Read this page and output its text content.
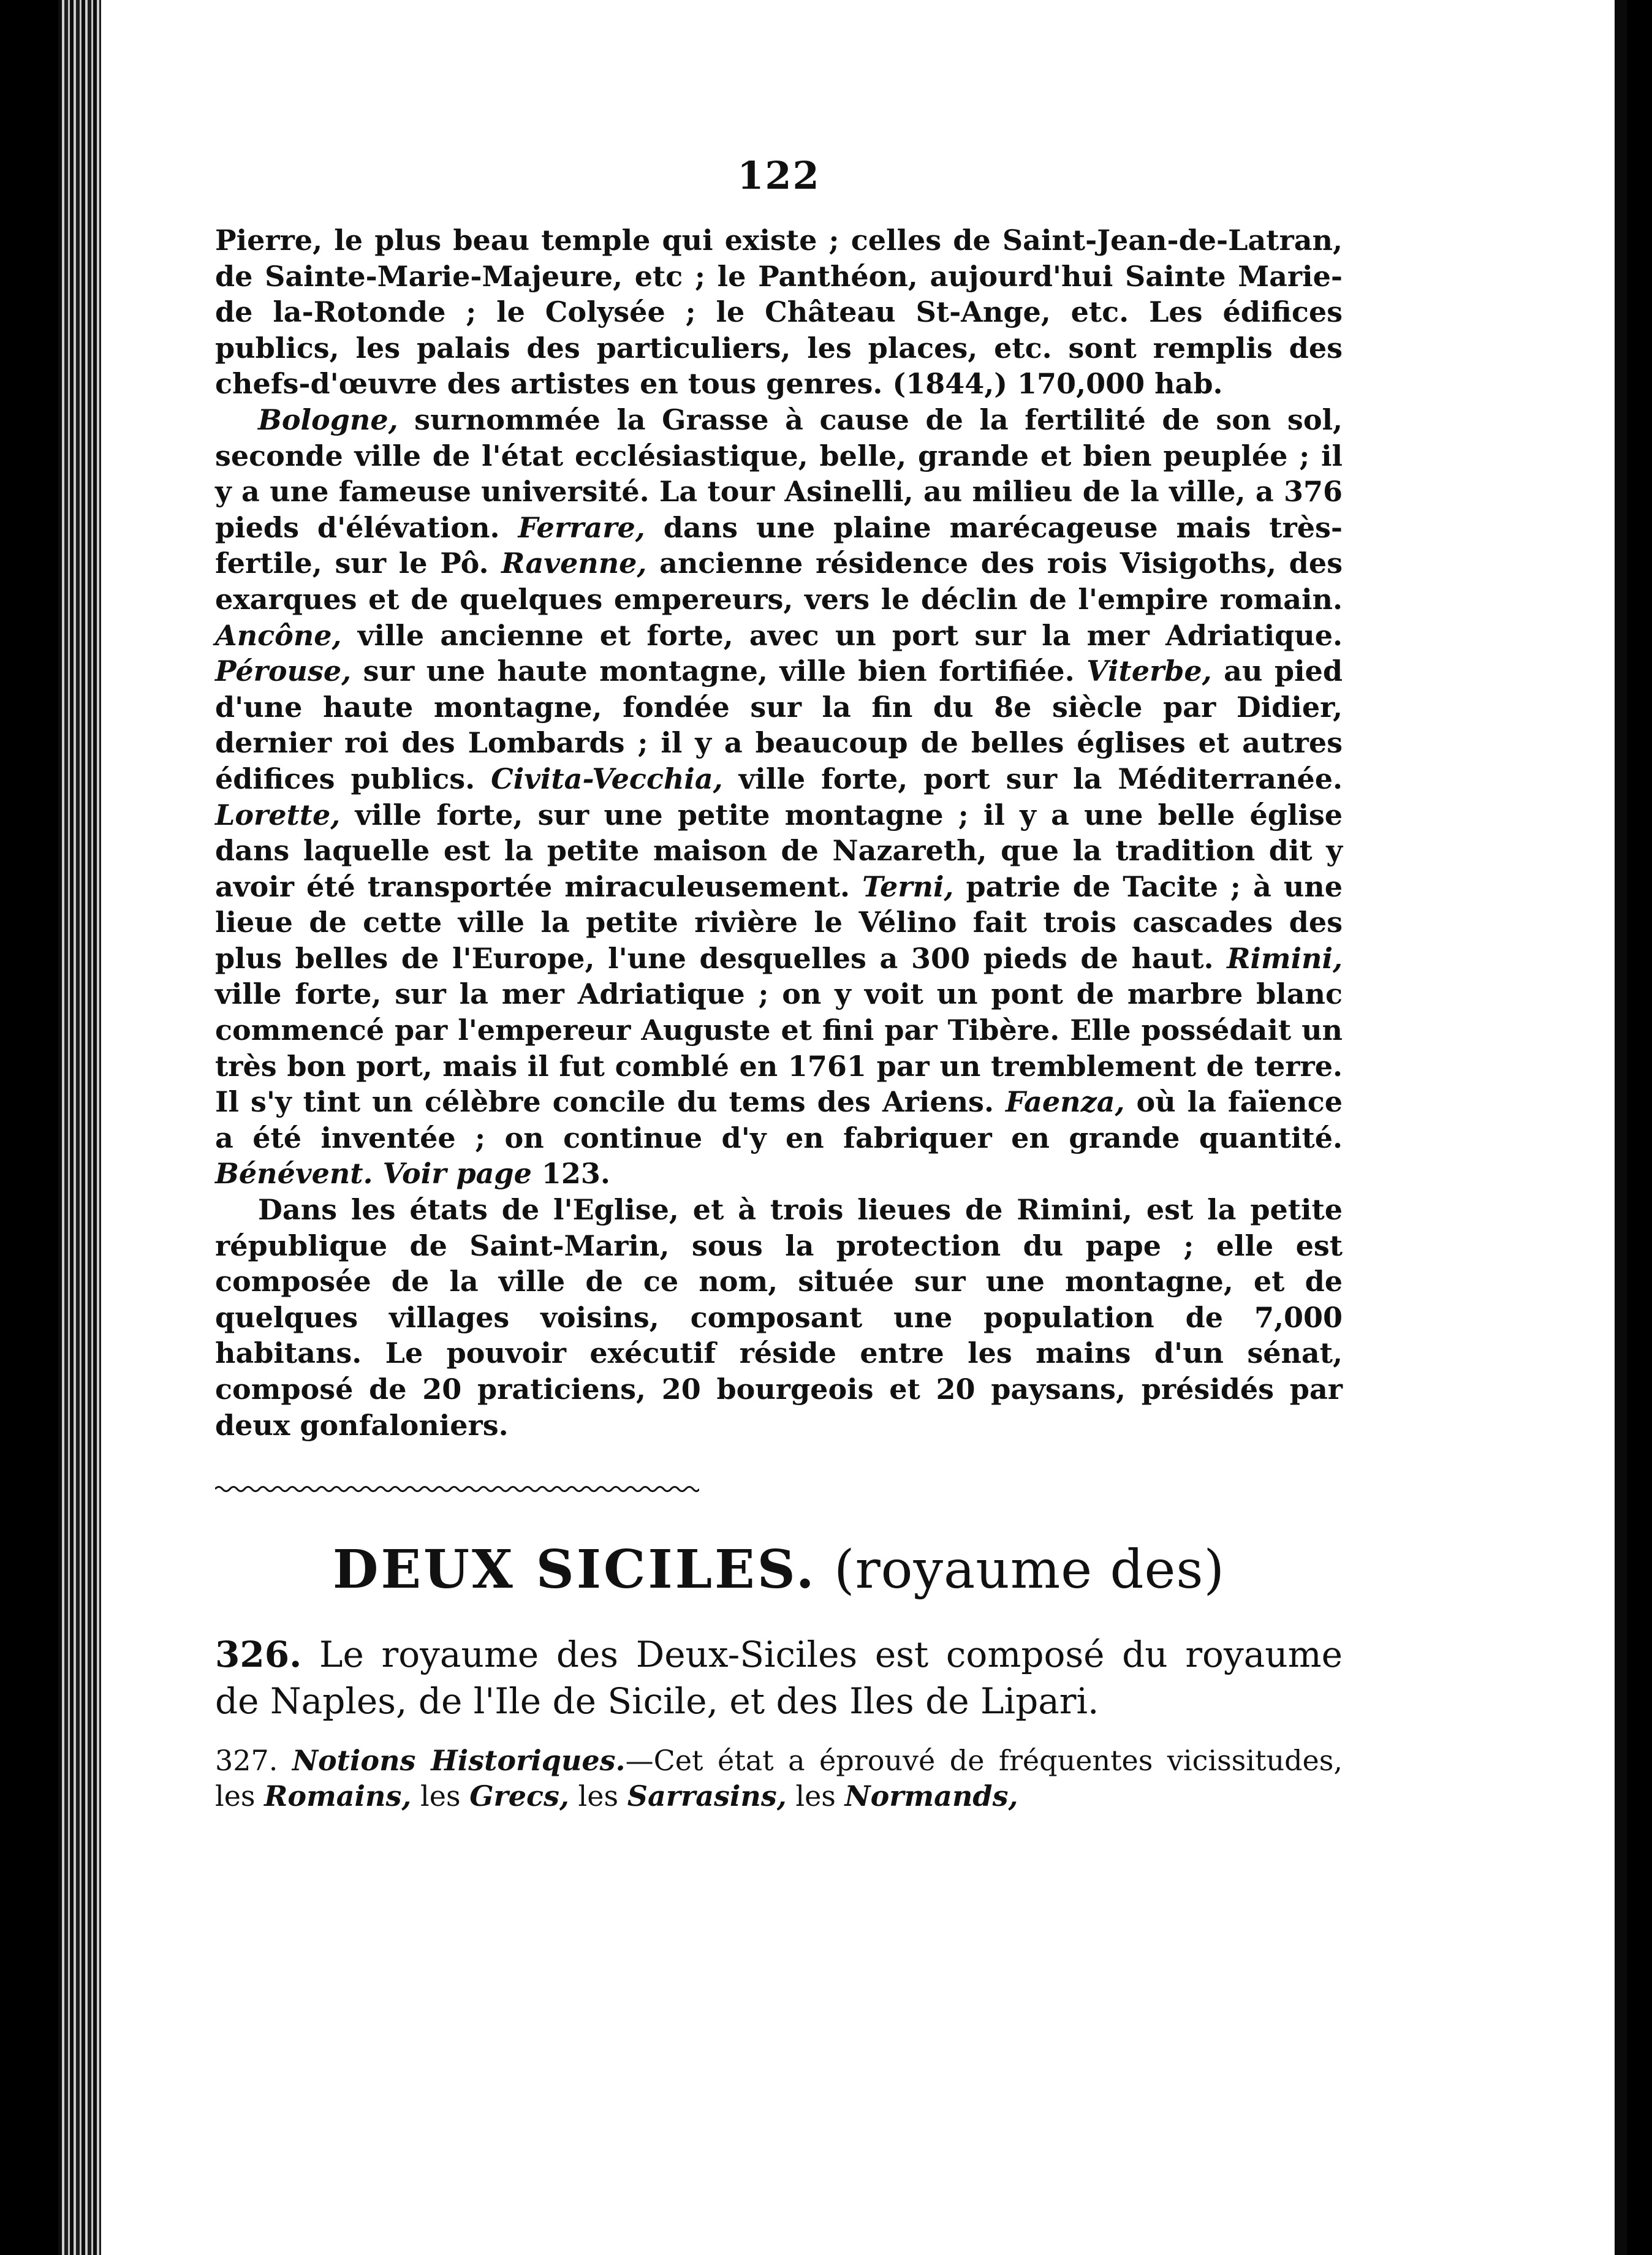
122

Pierre, le plus beau temple qui existe ; celles de Saint-Jean-de-Latran, de Sainte-Marie-Majeure, etc ; le Panthéon, aujourd'hui Sainte Marie-de la-Rotonde ; le Colysée ; le Château St-Ange, etc. Les édifices publics, les palais des particuliers, les places, etc. sont remplis des chefs-d'œuvre des artistes en tous genres. (1844,) 170,000 hab.

Bologne, surnommée la Grasse à cause de la fertilité de son sol, seconde ville de l'état ecclésiastique, belle, grande et bien peuplée ; il y a une fameuse université. La tour Asinelli, au milieu de la ville, a 376 pieds d'élévation. Ferrare, dans une plaine marécageuse mais très-fertile, sur le Pô. Ravenne, ancienne résidence des rois Visigoths, des exarques et de quelques empereurs, vers le déclin de l'empire romain. Ancône, ville ancienne et forte, avec un port sur la mer Adriatique. Pérouse, sur une haute montagne, ville bien fortifiée. Viterbe, au pied d'une haute montagne, fondée sur la fin du 8e siècle par Didier, dernier roi des Lombards ; il y a beaucoup de belles églises et autres édifices publics. Civita-Vecchia, ville forte, port sur la Méditerranée. Lorette, ville forte, sur une petite montagne ; il y a une belle église dans laquelle est la petite maison de Nazareth, que la tradition dit y avoir été transportée miraculeusement. Terni, patrie de Tacite ; à une lieue de cette ville la petite rivière le Vélino fait trois cascades des plus belles de l'Europe, l'une desquelles a 300 pieds de haut. Rimini, ville forte, sur la mer Adriatique ; on y voit un pont de marbre blanc commencé par l'empereur Auguste et fini par Tibère. Elle possédait un très bon port, mais il fut comblé en 1761 par un tremblement de terre. Il s'y tint un célèbre concile du tems des Ariens. Faenza, où la faïence a été inventée ; on continue d'y en fabriquer en grande quantité. Bénévent. Voir page 123.

Dans les états de l'Eglise, et à trois lieues de Rimini, est la petite république de Saint-Marin, sous la protection du pape ; elle est composée de la ville de ce nom, située sur une montagne, et de quelques villages voisins, composant une population de 7,000 habitans. Le pouvoir exécutif réside entre les mains d'un sénat, composé de 20 praticiens, 20 bourgeois et 20 paysans, présidés par deux gonfaloniers.

DEUX SICILES. (royaume des)

326. Le royaume des Deux-Siciles est composé du royaume de Naples, de l'Ile de Sicile, et des Iles de Lipari.

327. Notions Historiques.—Cet état a éprouvé de fréquentes vicissitudes, les Romains, les Grecs, les Sarrasins, les Normands,
